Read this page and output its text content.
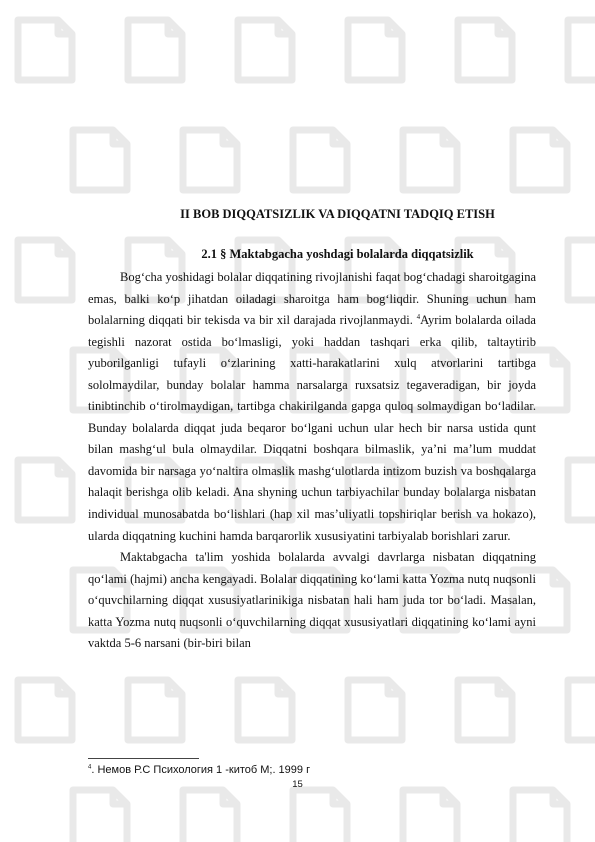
II BOB DIQQATSIZLIK VA DIQQATNI TADQIQ ETISH
2.1 § Maktabgacha yoshdagi bolalarda diqqatsizlik

Bog‘cha yoshidagi bolalar diqqatining rivojlanishi faqat bog‘chadagi sharoitgagina emas, balki ko‘p jihatdan oiladagi sharoitga ham bog‘liqdir. Shuning uchun ham bolalarning diqqati bir tekisda va bir xil darajada rivojlanmaydi. $^4$Ayrim bolalarda oilada tegishli nazorat ostida bo‘lmasligi, yoki haddan tashqari erka qilib, taltaytirib yuborilganligi tufayli o‘zlarining xatti-harakatlarini xulq atvorlarini tartibga sololmaydilar, bunday bolalar hamma narsalarga ruxsatsiz tegaveradigan, bir joyda tinibtinchib o‘tirolmaydigan, tartibga chakirilganda gapga quloq solmaydigan bo‘ladilar. Bunday bolalarda diqqat juda beqaror bo‘lgani uchun ular hech bir narsa ustida qunt bilan mashg‘ul bula olmaydilar. Diqqatni boshqara bilmaslik, ya’ni ma’lum muddat davomida bir narsaga yo‘naltira olmaslik mashg‘ulotlarda intizom buzish va boshqalarga halaqit berishga olib keladi. Ana shyning uchun tarbiyachilar bunday bolalarga nisbatan individual munosabatda bo‘lishlari (hap xil mas’uliyatli topshiriqlar berish va hokazo), ularda diqqatning kuchini hamda barqarorlik xususiyatini tarbiyalab borishlari zarur.

Maktabgacha ta'lim yoshida bolalarda avvalgi davrlarga nisbatan diqqatning qo‘lami (hajmi) ancha kengayadi. Bolalar diqqatining ko‘lami katta Yozma nutq nuqsonli o‘quvchilarning diqqat xususiyatlarinikiga nisbatan hali ham juda tor bo‘ladi. Masalan, katta Yozma nutq nuqsonli o‘quvchilarning diqqat xususiyatlari diqqatining ko‘lami ayni vaktda 5-6 narsani (bir-biri bilan

$^4$. Немов Р.С Психология 1 -китоб М;. 1999 г
15
